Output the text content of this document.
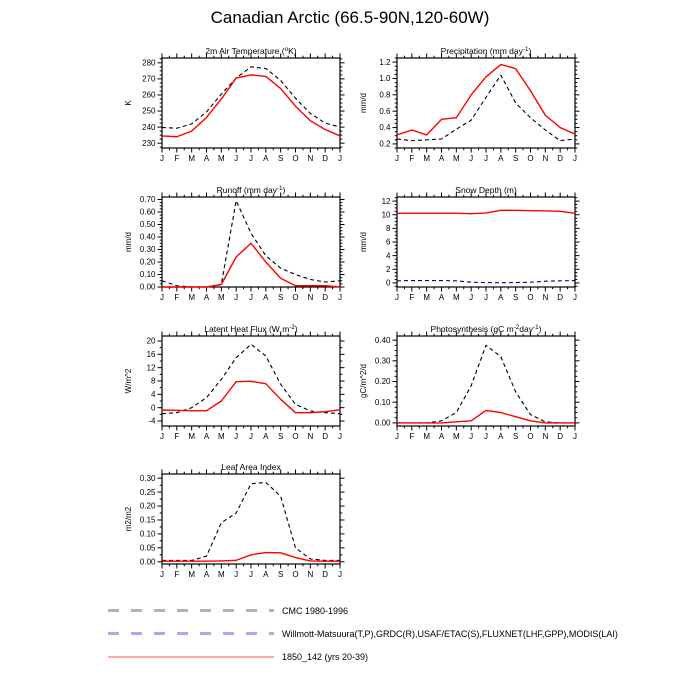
Canadian Arctic (66.5-90N,120-60W)
230
240
250
260
270
280
J F M A M J J A S O N D J
K
2m Air Temperature ($^o$K)
0.2
0.4
0.6
0.8
1.0
1.2
J F M A M J J A S O N D J
mm/d
Precipitation (mm day$^{-1}$)
0.00
0.10
0.20
0.30
0.40
0.50
0.60
0.70
J F M A M J J A S O N D J
mm/d
Runoff (mm day$^{-1}$)
0
2
4
6
8
10
12
J F M A M J J A S O N D J
mm/d
Snow Depth (m)
-4
0
4
8
12
16
20
J F M A M J J A S O N D J
W/m^2
Latent Heat Flux (W $m^{-2}$)
0.00
0.10
0.20
0.30
0.40
J F M A M J J A S O N D J
gC/m^2/d
Photosynthesis (gC $m^{-2}day^{-1}$)
0.00
0.05
0.10
0.15
0.20
0.25
0.30
J F M A M J J A S O N D J
m2/m2
Leaf Area Index
CMC 1980-1996
Willmott-Matsuura(T,P),GRDC(R),USAF/ETAC(S),FLUXNET(LHF,GPP),MODIS(LAI)
1850_142 (yrs 20-39)
